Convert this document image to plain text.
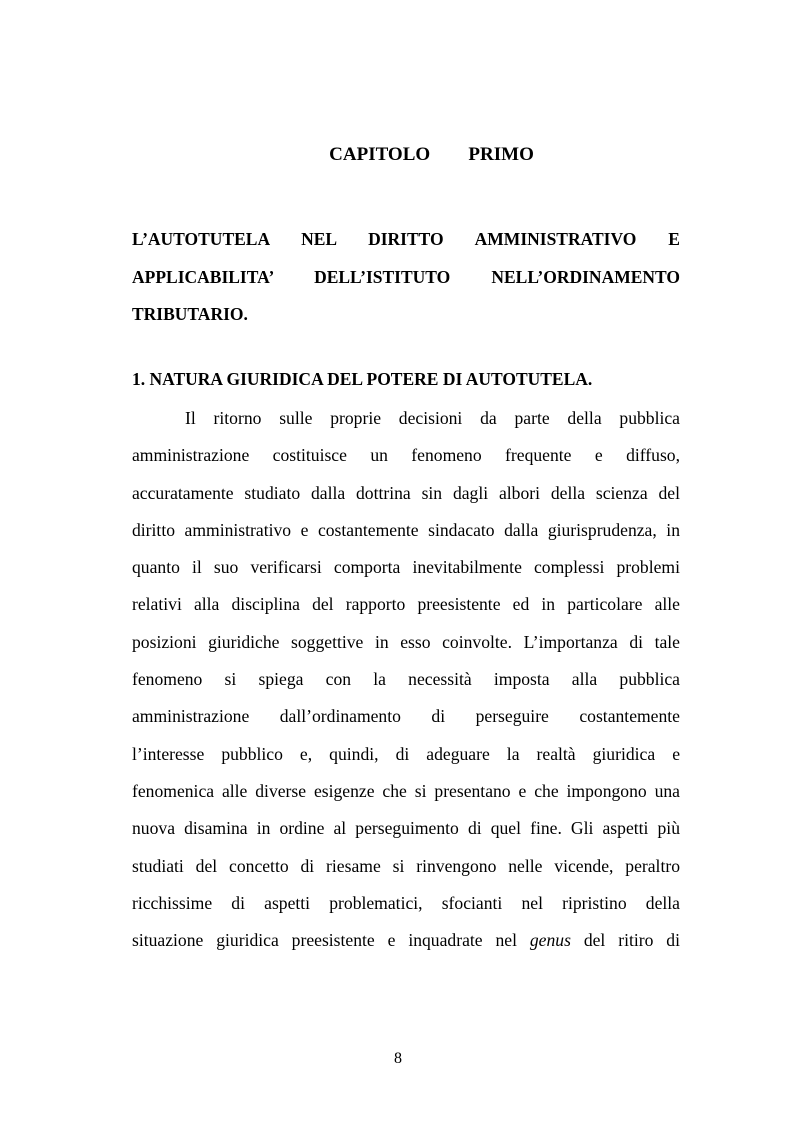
CAPITOLO   PRIMO
L’AUTOTUTELA NEL DIRITTO AMMINISTRATIVO E
APPLICABILITA’ DELL’ISTITUTO NELL’ORDINAMENTO
TRIBUTARIO.
1. NATURA GIURIDICA DEL POTERE DI AUTOTUTELA.
Il ritorno sulle proprie decisioni da parte della pubblica
amministrazione costituisce un fenomeno frequente e diffuso,
accuratamente studiato dalla dottrina sin dagli albori della scienza del
diritto amministrativo e costantemente sindacato dalla giurisprudenza, in
quanto il suo verificarsi comporta inevitabilmente complessi problemi
relativi alla disciplina del rapporto preesistente ed in particolare alle
posizioni giuridiche soggettive in esso coinvolte. L’importanza di tale
fenomeno si spiega con la necessità imposta alla pubblica
amministrazione dall’ordinamento di perseguire costantemente
l’interesse pubblico e, quindi, di adeguare la realtà giuridica e
fenomenica alle diverse esigenze che si presentano e che impongono una
nuova disamina in ordine al perseguimento di quel fine. Gli aspetti più
studiati del concetto di riesame si rinvengono nelle vicende, peraltro
ricchissime di aspetti problematici, sfocianti nel ripristino della
situazione giuridica preesistente e inquadrate nel genus del ritiro di
8
